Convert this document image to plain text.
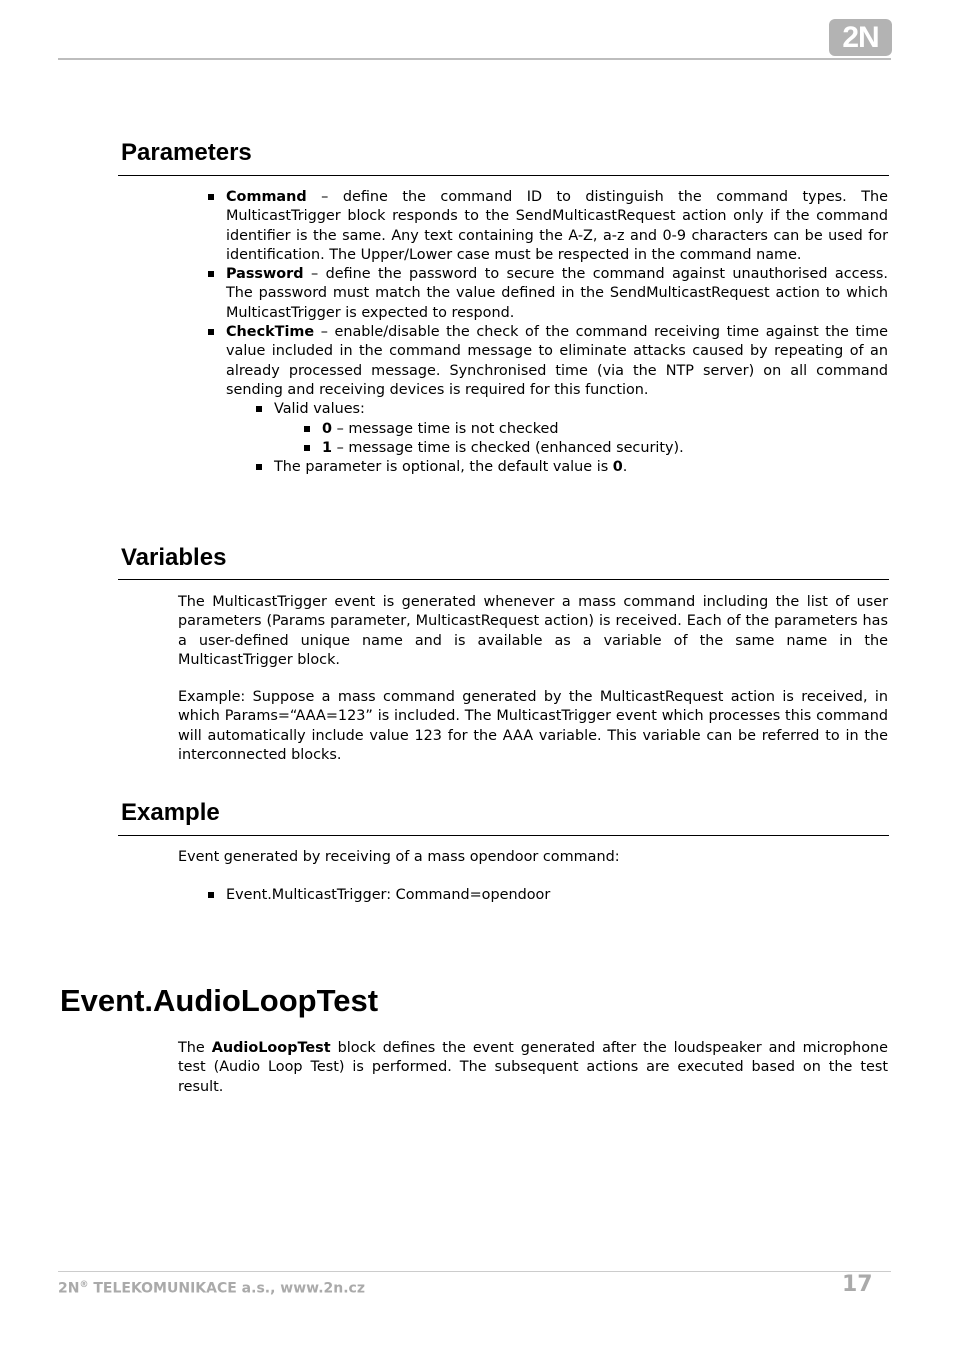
2N
Parameters
Command – define the command ID to distinguish the command types. The MulticastTrigger block responds to the SendMulticastRequest action only if the command identifier is the same. Any text containing the A-Z, a-z and 0-9 characters can be used for identification. The Upper/Lower case must be respected in the command name.
Password – define the password to secure the command against unauthorised access. The password must match the value defined in the SendMulticastRequest action to which MulticastTrigger is expected to respond.
CheckTime – enable/disable the check of the command receiving time against the time value included in the command message to eliminate attacks caused by repeating of an already processed message. Synchronised time (via the NTP server) on all command sending and receiving devices is required for this function.
Valid values:
0 – message time is not checked
1 – message time is checked (enhanced security).
The parameter is optional, the default value is 0.
Variables

The MulticastTrigger event is generated whenever a mass command including the list of user parameters (Params parameter, MulticastRequest action) is received. Each of the parameters has a user-defined unique name and is available as a variable of the same name in the MulticastTrigger block.

Example: Suppose a mass command generated by the MulticastRequest action is received, in which Params=“AAA=123” is included. The MulticastTrigger event which processes this command will automatically include value 123 for the AAA variable. This variable can be referred to in the interconnected blocks.

Example

Event generated by receiving of a mass opendoor command:

Event.MulticastTrigger: Command=opendoor
Event.AudioLoopTest

The AudioLoopTest block defines the event generated after the loudspeaker and microphone test (Audio Loop Test) is performed. The subsequent actions are executed based on the test result.

2N® TELEKOMUNIKACE a.s., www.2n.cz	17
